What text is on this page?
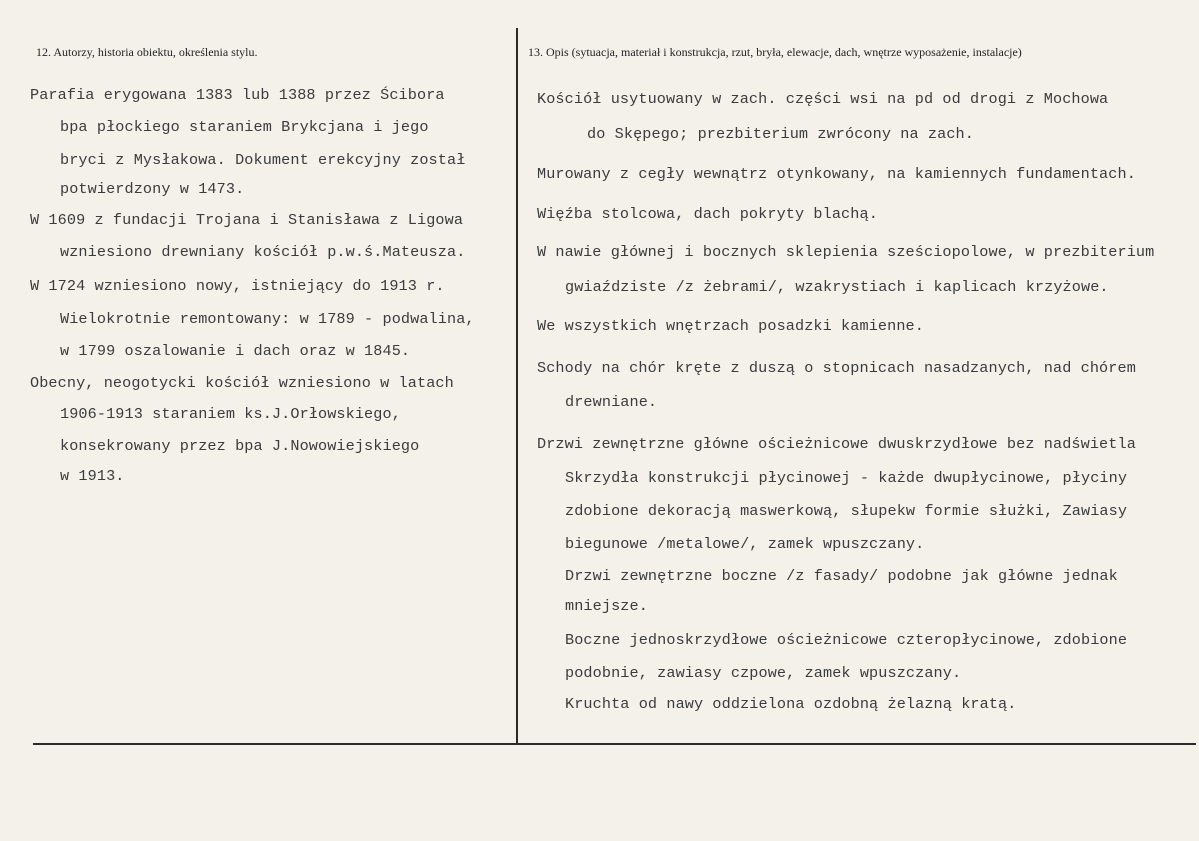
12. Autorzy, historia obiektu, określenia stylu.	13. Opis (sytuacja, materiał i konstrukcja, rzut, bryła, elewacje, dach, wnętrze wyposażenie, instalacje)
Parafia erygowana 1383 lub 1388 przez Ścibora
bpa płockiego staraniem Brykcjana i jego
bryci z Mysłakowa. Dokument erekcyjny został
potwierdzony w 1473.
W 1609 z fundacji Trojana i Stanisława z Ligowa
wzniesiono drewniany kościół p.w.ś.Mateusza.
W 1724 wzniesiono nowy, istniejący do 1913 r.
Wielokrotnie remontowany: w 1789 - podwalina,
w 1799 oszalowanie i dach oraz w 1845.
Obecny, neogotycki kościół wzniesiono w latach
1906-1913 staraniem ks.J.Orłowskiego,
konsekrowany przez bpa J.Nowowiejskiego
w 1913.
Kościół usytuowany w zach. części wsi na pd od drogi z Mochowa
do Skępego; prezbiterium zwrócony na zach.
Murowany z cegły wewnątrz otynkowany, na kamiennych fundamentach.
Więźba stolcowa, dach pokryty blachą.
W nawie głównej i bocznych sklepienia sześciopolowe, w prezbiterium
gwiaździste /z żebrami/, wzakrystiach i kaplicach krzyżowe.
We wszystkich wnętrzach posadzki kamienne.
Schody na chór kręte z duszą o stopnicach nasadzanych, nad chórem
drewniane.
Drzwi zewnętrzne główne ościeżnicowe dwuskrzydłowe bez nadświetla
Skrzydła konstrukcji płycinowej - każde dwupłycinowe, płyciny
zdobione dekoracją maswerkową, słupekw formie służki, Zawiasy
biegunowe /metalowe/, zamek wpuszczany.
Drzwi zewnętrzne boczne /z fasady/ podobne jak główne jednak
mniejsze.
Boczne jednoskrzydłowe ościeżnicowe czteropłycinowe, zdobione
podobnie, zawiasy czpowe, zamek wpuszczany.
Kruchta od nawy oddzielona ozdobną żelazną kratą.
